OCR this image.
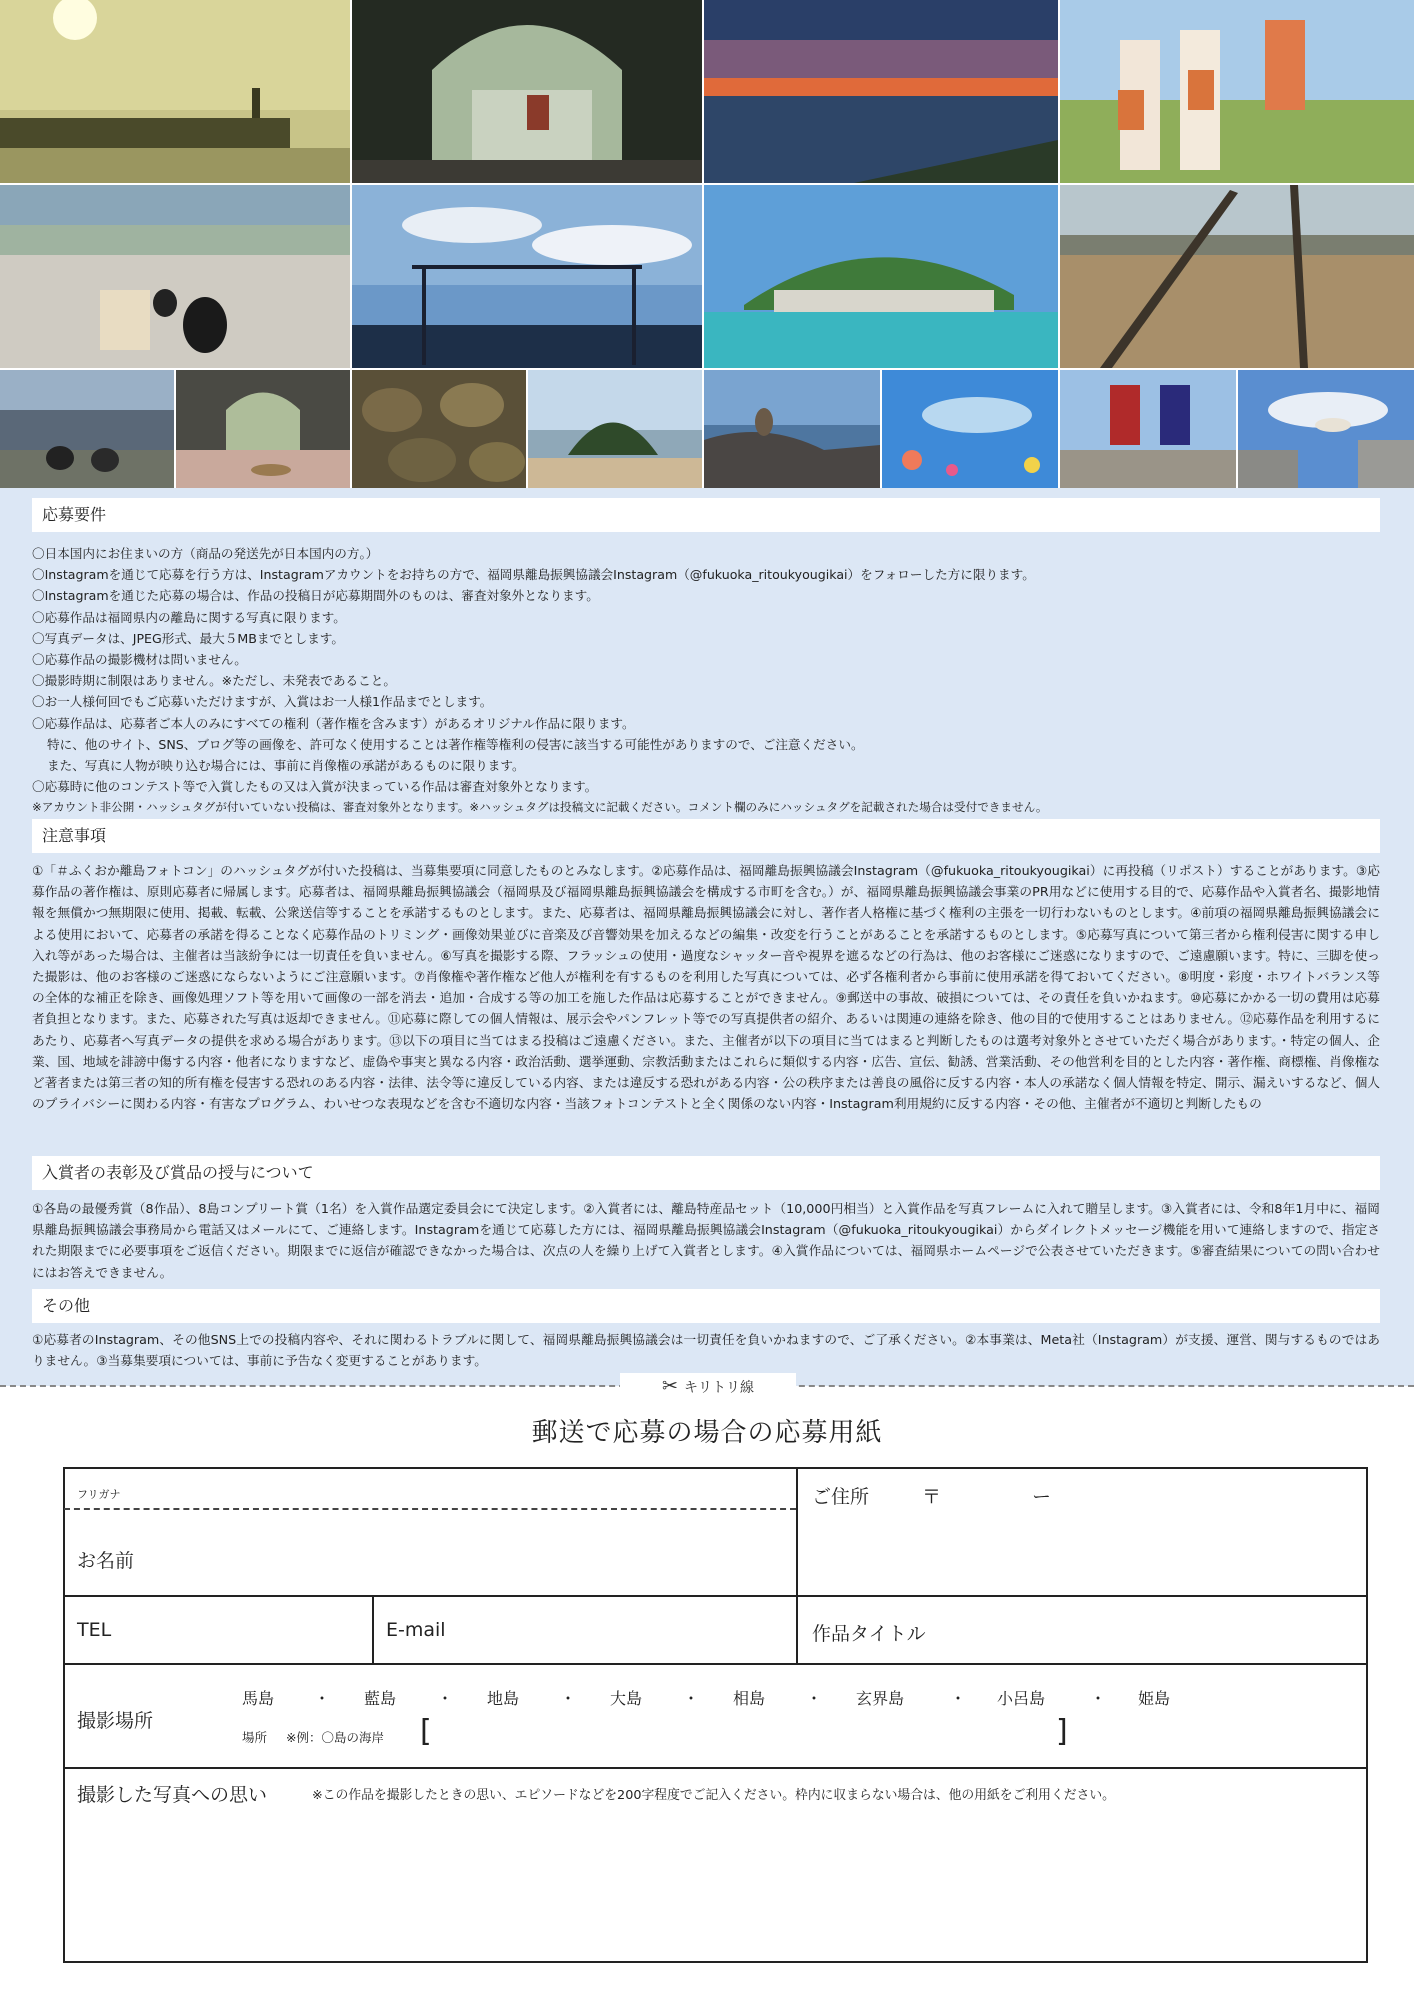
応募要件
〇日本国内にお住まいの方（商品の発送先が日本国内の方。）
〇Instagramを通じて応募を行う方は、Instagramアカウントをお持ちの方で、福岡県離島振興協議会Instagram（@fukuoka_ritoukyougikai）をフォローした方に限ります。
〇Instagramを通じた応募の場合は、作品の投稿日が応募期間外のものは、審査対象外となります。
〇応募作品は福岡県内の離島に関する写真に限ります。
〇写真データは、JPEG形式、最大５MBまでとします。
〇応募作品の撮影機材は問いません。
〇撮影時期に制限はありません。※ただし、未発表であること。
〇お一人様何回でもご応募いただけますが、入賞はお一人様1作品までとします。
〇応募作品は、応募者ご本人のみにすべての権利（著作権を含みます）があるオリジナル作品に限ります。
特に、他のサイト、SNS、ブログ等の画像を、許可なく使用することは著作権等権利の侵害に該当する可能性がありますので、ご注意ください。
また、写真に人物が映り込む場合には、事前に肖像権の承諾があるものに限ります。
〇応募時に他のコンテスト等で入賞したもの又は入賞が決まっている作品は審査対象外となります。
※アカウント非公開・ハッシュタグが付いていない投稿は、審査対象外となります。※ハッシュタグは投稿文に記載ください。コメント欄のみにハッシュタグを記載された場合は受付できません。
注意事項

①「＃ふくおか離島フォトコン」のハッシュタグが付いた投稿は、当募集要項に同意したものとみなします。②応募作品は、福岡離島振興協議会Instagram（@fukuoka_ritoukyougikai）に再投稿（リポスト）することがあります。③応募作品の著作権は、原則応募者に帰属します。応募者は、福岡県離島振興協議会（福岡県及び福岡県離島振興協議会を構成する市町を含む。）が、福岡県離島振興協議会事業のPR用などに使用する目的で、応募作品や入賞者名、撮影地情報を無償かつ無期限に使用、掲載、転載、公衆送信等することを承諾するものとします。また、応募者は、福岡県離島振興協議会に対し、著作者人格権に基づく権利の主張を一切行わないものとします。④前項の福岡県離島振興協議会による使用において、応募者の承諾を得ることなく応募作品のトリミング・画像効果並びに音楽及び音響効果を加えるなどの編集・改変を行うことがあることを承諾するものとします。⑤応募写真について第三者から権利侵害に関する申し入れ等があった場合は、主催者は当該紛争には一切責任を負いません。⑥写真を撮影する際、フラッシュの使用・過度なシャッター音や視界を遮るなどの行為は、他のお客様にご迷惑になりますので、ご遠慮願います。特に、三脚を使った撮影は、他のお客様のご迷惑にならないようにご注意願います。⑦肖像権や著作権など他人が権利を有するものを利用した写真については、必ず各権利者から事前に使用承諾を得ておいてください。⑧明度・彩度・ホワイトバランス等の全体的な補正を除き、画像処理ソフト等を用いて画像の一部を消去・追加・合成する等の加工を施した作品は応募することができません。⑨郵送中の事故、破損については、その責任を負いかねます。⑩応募にかかる一切の費用は応募者負担となります。また、応募された写真は返却できません。⑪応募に際しての個人情報は、展示会やパンフレット等での写真提供者の紹介、あるいは関連の連絡を除き、他の目的で使用することはありません。⑫応募作品を利用するにあたり、応募者へ写真データの提供を求める場合があります。⑬以下の項目に当てはまる投稿はご遠慮ください。また、主催者が以下の項目に当てはまると判断したものは選考対象外とさせていただく場合があります。・特定の個人、企業、国、地域を誹謗中傷する内容・他者になりますなど、虚偽や事実と異なる内容・政治活動、選挙運動、宗教活動またはこれらに類似する内容・広告、宣伝、勧誘、営業活動、その他営利を目的とした内容・著作権、商標権、肖像権など著者または第三者の知的所有権を侵害する恐れのある内容・法律、法令等に違反している内容、または違反する恐れがある内容・公の秩序または善良の風俗に反する内容・本人の承諾なく個人情報を特定、開示、漏えいするなど、個人のプライバシーに関わる内容・有害なプログラム、わいせつな表現などを含む不適切な内容・当該フォトコンテストと全く関係のない内容・Instagram利用規約に反する内容・その他、主催者が不適切と判断したもの

入賞者の表彰及び賞品の授与について

①各島の最優秀賞（8作品）、8島コンプリート賞（1名）を入賞作品選定委員会にて決定します。②入賞者には、離島特産品セット（10,000円相当）と入賞作品を写真フレームに入れて贈呈します。③入賞者には、令和8年1月中に、福岡県離島振興協議会事務局から電話又はメールにて、ご連絡します。Instagramを通じて応募した方には、福岡県離島振興協議会Instagram（@fukuoka_ritoukyougikai）からダイレクトメッセージ機能を用いて連絡しますので、指定された期限までに必要事項をご返信ください。期限までに返信が確認できなかった場合は、次点の人を繰り上げて入賞者とします。④入賞作品については、福岡県ホームページで公表させていただきます。⑤審査結果についての問い合わせにはお答えできません。

その他

①応募者のInstagram、その他SNS上での投稿内容や、それに関わるトラブルに関して、福岡県離島振興協議会は一切責任を負いかねますので、ご了承ください。②本事業は、Meta社（Instagram）が支援、運営、関与するものではありません。③当募集要項については、事前に予告なく変更することがあります。

✂ キリトリ線
郵送で応募の場合の応募用紙
フリガナ
お名前
ご住所	〒	ー
TEL	E-mail	作品タイトル
撮影場所
馬島 ・ 藍島	・ 地島	・ 大島	・ 相島	・ 玄界島	・ 小呂島	・ 姫島
場所 ※例：〇島の海岸 [	]
撮影した写真への思い	※この作品を撮影したときの思い、エピソードなどを200字程度でご記入ください。枠内に収まらない場合は、他の用紙をご利用ください。
